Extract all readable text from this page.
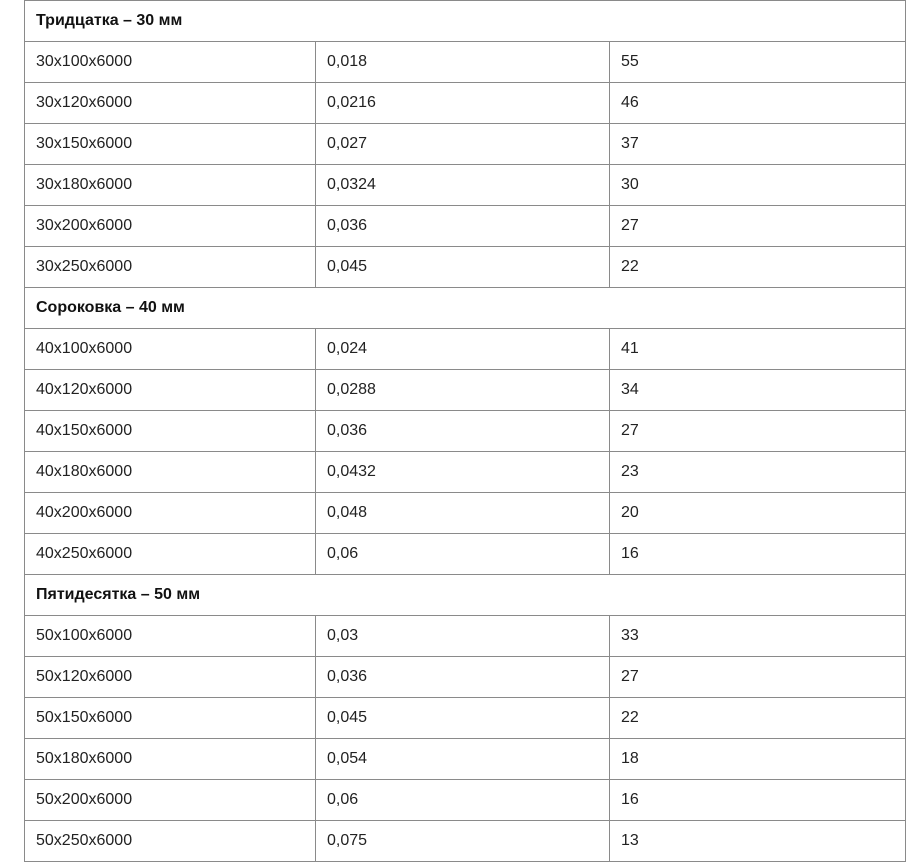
Тридцатка – 30 мм		
30x100x6000	0,018	55
30x120x6000	0,0216	46
30x150x6000	0,027	37
30x180x6000	0,0324	30
30x200x6000	0,036	27
30x250x6000	0,045	22
Сороковка – 40 мм		
40x100x6000	0,024	41
40x120x6000	0,0288	34
40x150x6000	0,036	27
40x180x6000	0,0432	23
40x200x6000	0,048	20
40x250x6000	0,06	16
Пятидесятка – 50 мм		
50x100x6000	0,03	33
50x120x6000	0,036	27
50x150x6000	0,045	22
50x180x6000	0,054	18
50x200x6000	0,06	16
50x250x6000	0,075	13
